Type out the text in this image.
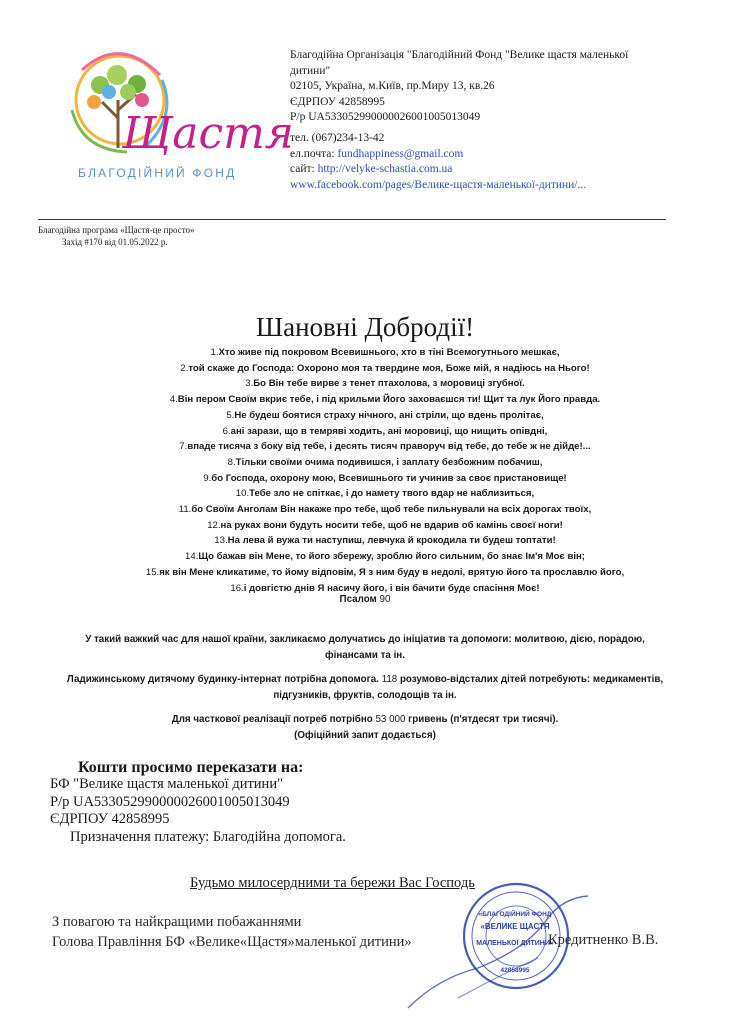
Щастя
БЛАГОДІЙНИЙ ФОНД
Благодійна Організація "Благодійний Фонд "Велике щастя маленької
дитини"
02105, Україна, м.Київ, пр.Миру 13, кв.26
ЄДРПОУ 42858995
Р/р UA533052990000026001005013049
тел. (067)234-13-42
ел.почта: fundhappiness@gmail.com
сайт: http://velyke-schastia.com.ua
www.facebook.com/pages/Велике-щастя-маленької-дитини/...
Благодійна програма «Щастя-це просто»
Захід #170 від 01.05.2022 р.
Шановні Добродії!
1.Хто живе під покровом Всевишнього, хто в тіні Всемогутнього мешкає,
2.той скаже до Господа: Охороно моя та твердине моя, Боже мій, я надіюсь на Нього!
3.Бо Він тебе вирве з тенет птахолова, з моровиці згубної.
4.Він пером Своїм вкриє тебе, і під крильми Його заховаєшся ти! Щит та лук Його правда.
5.Не будеш боятися страху нічного, ані стріли, що вдень пролітає,
6.ані зарази, що в темряві ходить, ані моровиці, що нищить опівдні,
7.впаде тисяча з боку від тебе, і десять тисяч праворуч від тебе, до тебе ж не дійде!...
8.Тільки своїми очима подивишся, і заплату безбожним побачиш,
9.бо Господа, охорону мою, Всевишнього ти учинив за своє пристановище!
10.Тебе зло не спіткає, і до намету твого вдар не наблизиться,
11.бо Своїм Анголам Він накаже про тебе, щоб тебе пильнували на всіх дорогах твоїх,
12.на руках вони будуть носити тебе, щоб не вдарив об камінь своєї ноги!
13.На лева й вужа ти наступиш, левчука й крокодила ти будеш топтати!
14.Що бажав він Мене, то його збережу, зроблю його сильним, бо знає Ім'я Моє він;
15.як він Мене кликатиме, то йому відповім, Я з ним буду в недолі, врятую його та прославлю його,
16.і довгістю днів Я насичу його, і він бачити буде спасіння Моє!
Псалом 90
У такий важкий час для нашої країни, закликаємо долучатись до ініціатив та допомоги: молитвою, дією, порадою, фінансами та ін.
Ладижинському дитячому будинку-інтернат потрібна допомога. 118 розумово-відсталих дітей потребують: медикаментів, підгузників, фруктів, солодощів та ін.
Для часткової реалізації потреб потрібно 53 000 гривень (п'ятдесят три тисячі).
(Офіційний запит додається)
Кошти просимо переказати на:
БФ "Велике щастя маленької дитини"
Р/р UA533052990000026001005013049
ЄДРПОУ 42858995
Призначення платежу: Благодійна допомога.
Будьмо милосердними та бережи Вас Господь
«БЛАГОДІЙНИЙ ФОНД
«ВЕЛИКЕ ЩАСТЯ
МАЛЕНЬКОЇ ДИТИНИ»
42858995
З повагою та найкращими побажаннями
Голова Правління БФ «Велике«Щастя»маленької дитини»	Кредитненко В.В.
